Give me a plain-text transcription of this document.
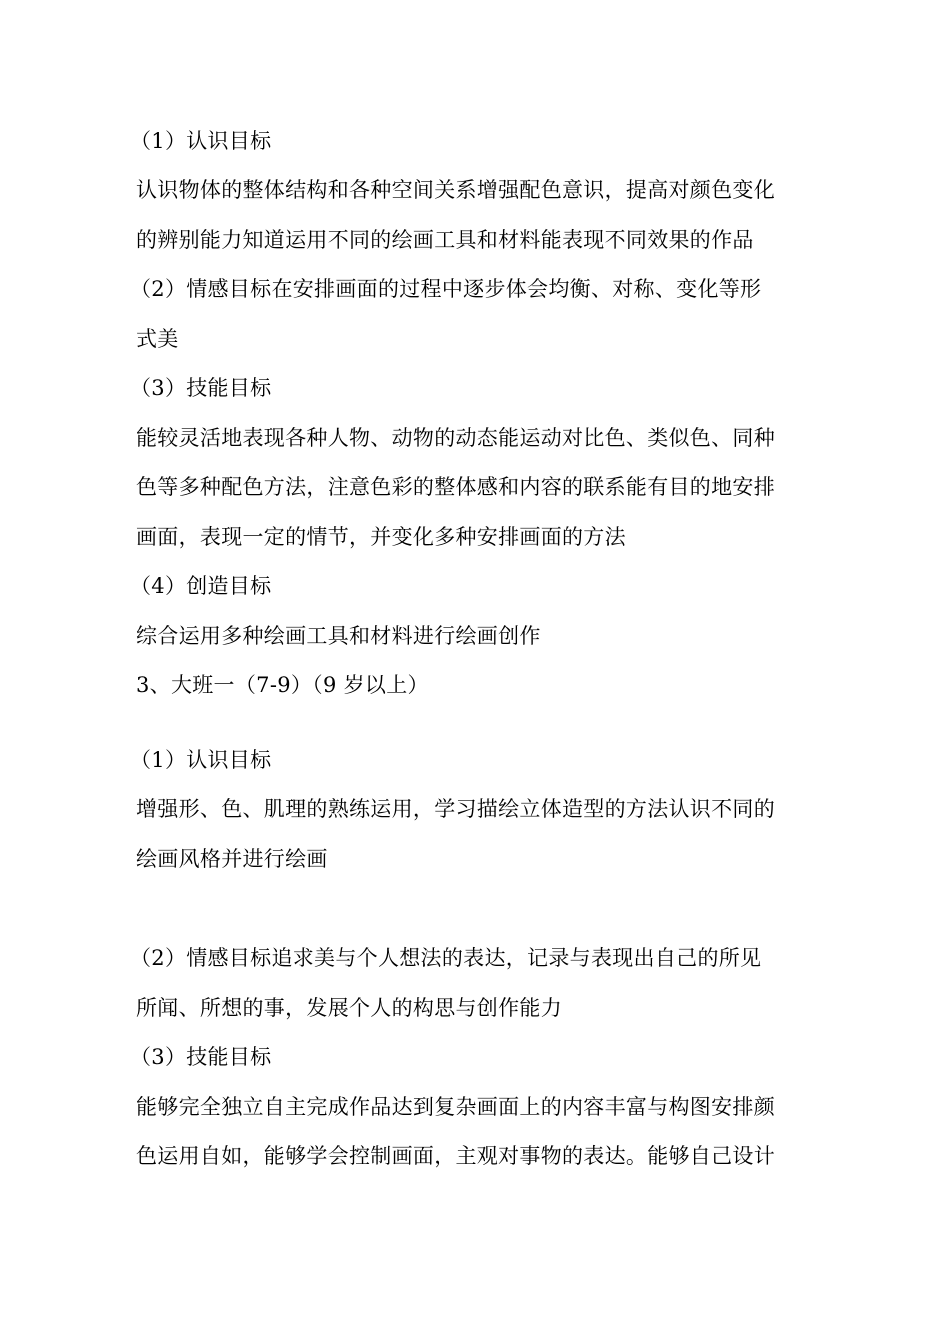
（1）认识目标
认识物体的整体结构和各种空间关系增强配色意识，提高对颜色变化
的辨别能力知道运用不同的绘画工具和材料能表现不同效果的作品
（2）情感目标在安排画面的过程中逐步体会均衡、对称、变化等形
式美
（3）技能目标
能较灵活地表现各种人物、动物的动态能运动对比色、类似色、同种
色等多种配色方法，注意色彩的整体感和内容的联系能有目的地安排
画面，表现一定的情节，并变化多种安排画面的方法
（4）创造目标
综合运用多种绘画工具和材料进行绘画创作
3、大班一（7-9）（9 岁以上）
（1）认识目标
增强形、色、肌理的熟练运用，学习描绘立体造型的方法认识不同的
绘画风格并进行绘画
（2）情感目标追求美与个人想法的表达，记录与表现出自己的所见
所闻、所想的事，发展个人的构思与创作能力
（3）技能目标
能够完全独立自主完成作品达到复杂画面上的内容丰富与构图安排颜
色运用自如，能够学会控制画面，主观对事物的表达。能够自己设计
